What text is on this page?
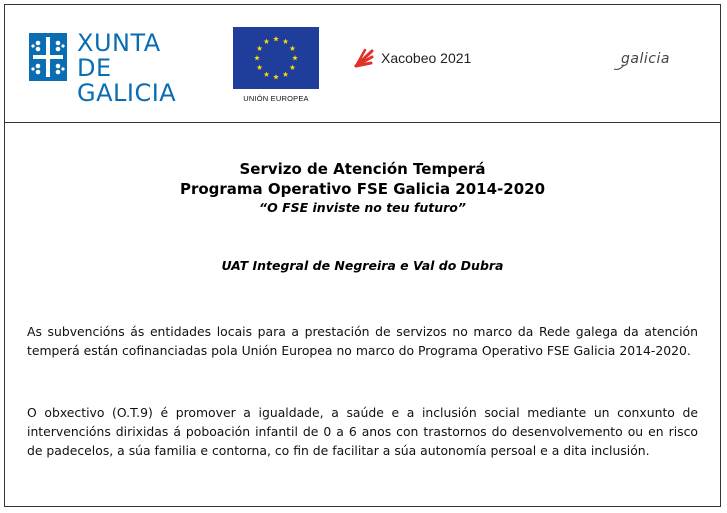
XUNTA
DE GALICIA	UNIÓN EUROPEA
Xacobeo 2021	galicia
Servizo de Atención Temperá
Programa Operativo FSE Galicia 2014-2020
“O FSE inviste no teu futuro”
UAT Integral de Negreira e Val do Dubra
As subvencións ás entidades locais para a prestación de servizos no marco da Rede galega da atención temperá están cofinanciadas pola Unión Europea no marco do Programa Operativo FSE Galicia 2014-2020.
O obxectivo (O.T.9) é promover a igualdade, a saúde e a inclusión social mediante un conxunto de intervencións dirixidas á poboación infantil de 0 a 6 anos con trastornos do desenvolvemento ou en risco de padecelos, a súa familia e contorna, co fin de facilitar a súa autonomía persoal e a dita inclusión.
